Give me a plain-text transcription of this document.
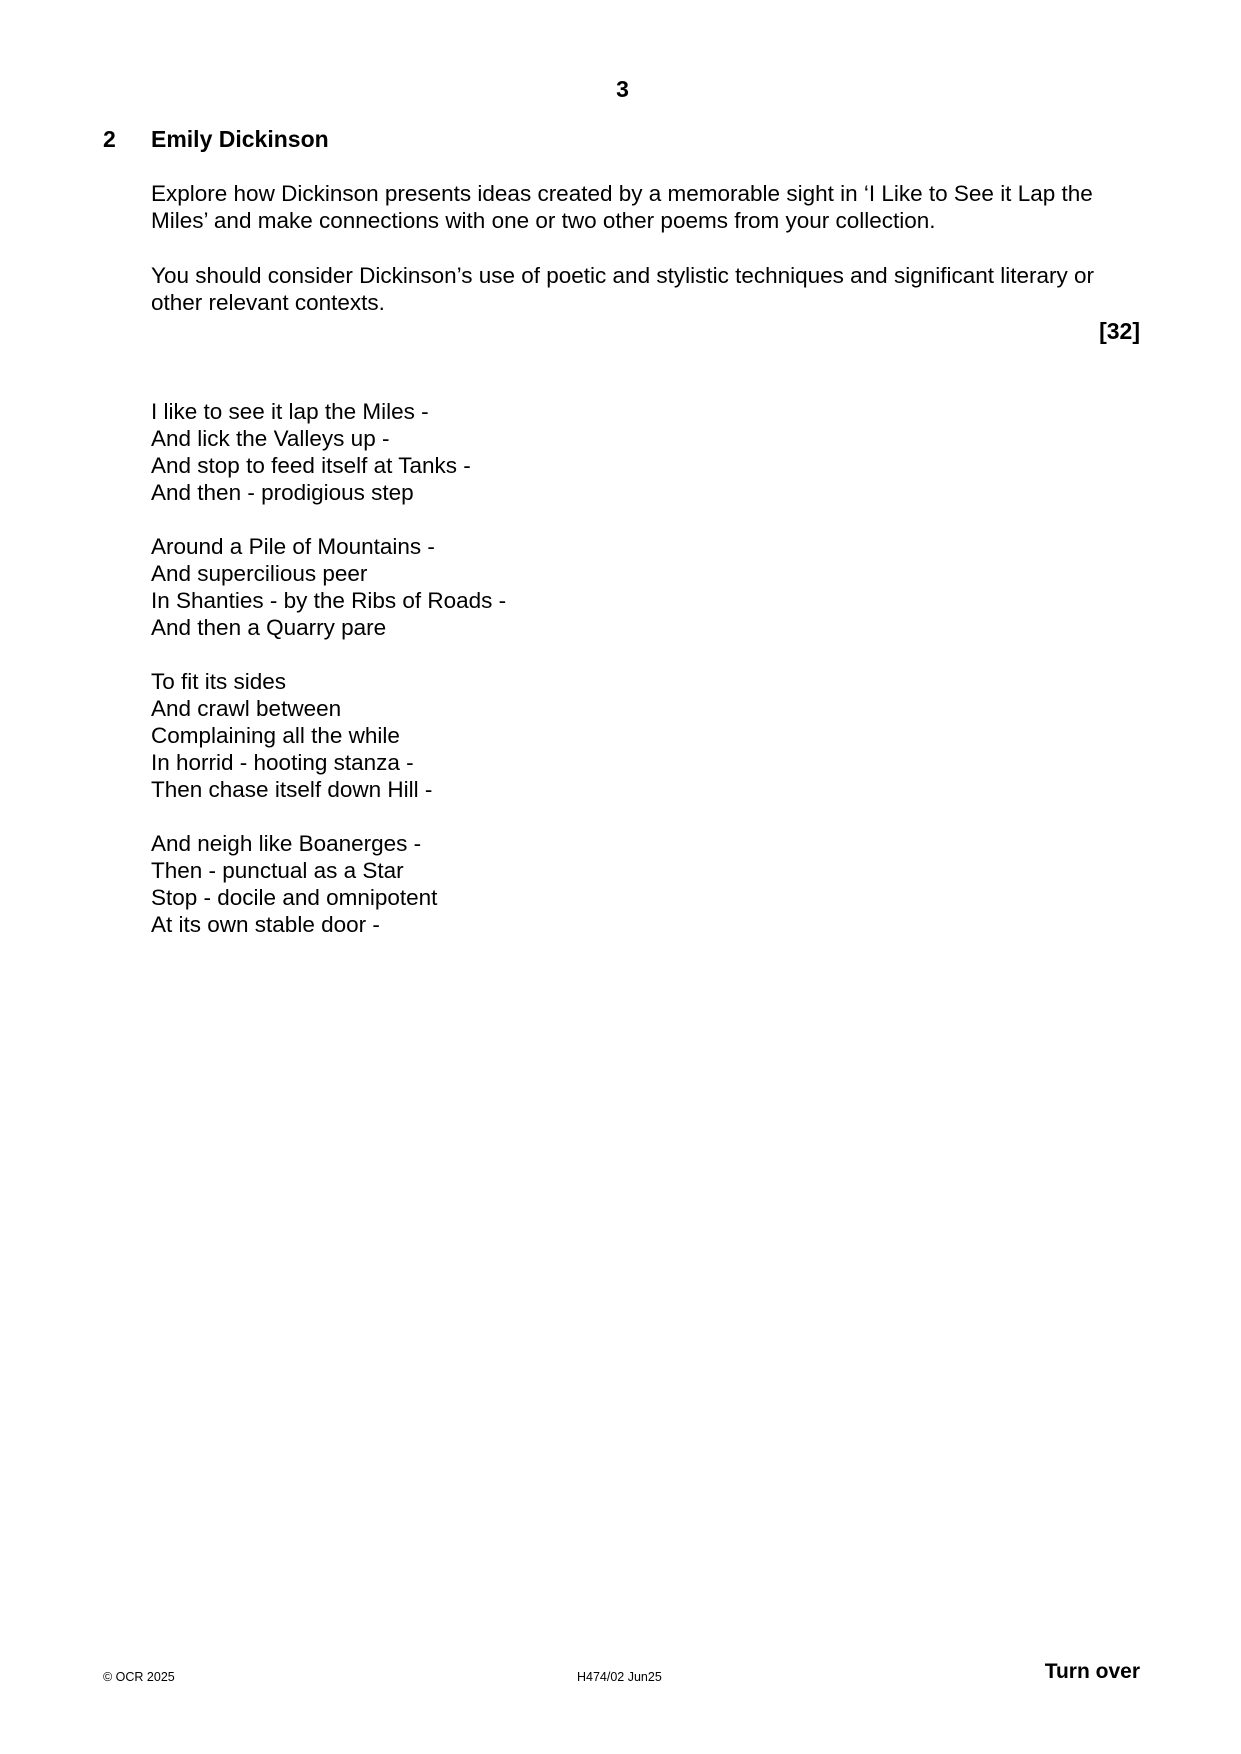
3
2 Emily Dickinson

Explore how Dickinson presents ideas created by a memorable sight in ‘I Like to See it Lap the Miles’ and make connections with one or two other poems from your collection.

You should consider Dickinson’s use of poetic and stylistic techniques and significant literary or other relevant contexts.

[32]
I like to see it lap the Miles -
And lick the Valleys up -
And stop to feed itself at Tanks -
And then - prodigious step
Around a Pile of Mountains -
And supercilious peer
In Shanties - by the Ribs of Roads -
And then a Quarry pare
To fit its sides
And crawl between
Complaining all the while
In horrid - hooting stanza -
Then chase itself down Hill -
And neigh like Boanerges -
Then - punctual as a Star
Stop - docile and omnipotent
At its own stable door -
© OCR 2025	H474/02 Jun25	Turn over
